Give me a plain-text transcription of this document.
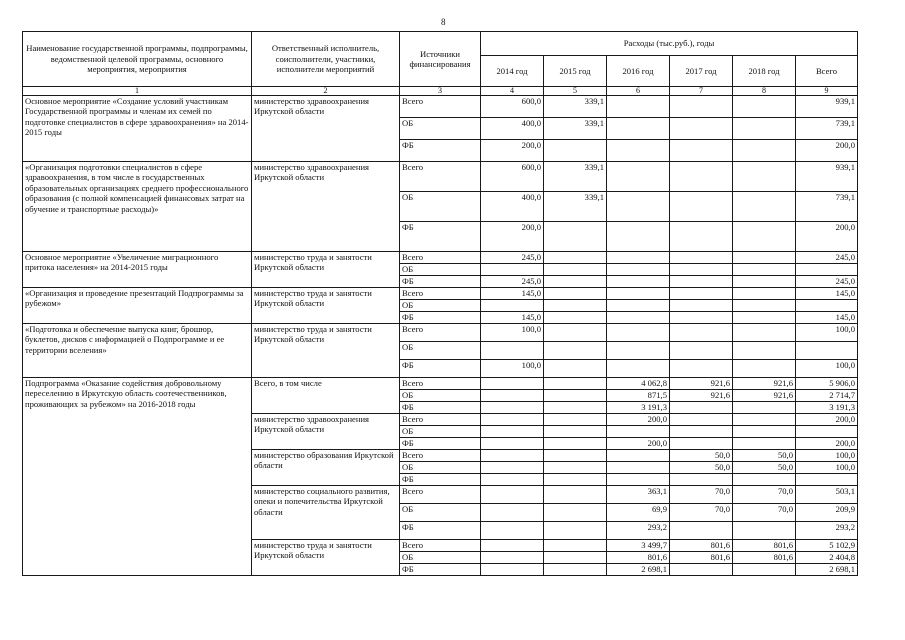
8
Наименование государственной программы, подпрограммы, ведомственной целевой программы, основного мероприятия, мероприятия	Ответственный исполнитель, соисполнители, участники, исполнители мероприятий	Источники финансирования	Расходы (тыс.руб.), годы					
			2014 год	2015 год	2016 год	2017 год	2018 год	Всего
1	2	3	4	5	6	7	8	9
Основное мероприятие «Создание условий участникам Государственной программы и членам их семей по подготовке специалистов в сфере здравоохранения» на 2014-2015 годы	министерство здравоохранения Иркутской области	Всего	600,0	339,1				939,1
		ОБ	400,0	339,1				739,1
		ФБ	200,0					200,0
«Организация подготовки специалистов в сфере здравоохранения, в том числе в государственных образовательных организациях среднего профессионального образования (с полной компенсацией финансовых затрат на обучение и транспортные расходы)»	министерство здравоохранения Иркутской области	Всего	600,0	339,1				939,1
		ОБ	400,0	339,1				739,1
		ФБ	200,0					200,0
Основное мероприятие «Увеличение миграционного притока населения» на 2014-2015 годы	министерство труда и занятости Иркутской области	Всего	245,0					245,0
		ОБ						
		ФБ	245,0					245,0
«Организация и проведение презентаций Подпрограммы за рубежом»	министерство труда и занятости Иркутской области	Всего	145,0					145,0
		ОБ						
		ФБ	145,0					145,0
«Подготовка и обеспечение выпуска книг, брошюр, буклетов, дисков с информацией о Подпрограмме и ее территории вселения»	министерство труда и занятости Иркутской области	Всего	100,0					100,0
		ОБ						
		ФБ	100,0					100,0
Подпрограмма «Оказание содействия добровольному переселению в Иркутскую область соотечественников, проживающих за рубежом» на 2016-2018 годы	Всего, в том числе	Всего			4 062,8	921,6	921,6	5 906,0
		ОБ			871,5	921,6	921,6	2 714,7
		ФБ			3 191,3			3 191,3
	министерство здравоохранения Иркутской области	Всего			200,0			200,0
		ОБ						
		ФБ			200,0			200,0
	министерство образования Иркутской области	Всего				50,0	50,0	100,0
		ОБ				50,0	50,0	100,0
		ФБ						
	министерство социального развития, опеки и попечительства Иркутской области	Всего			363,1	70,0	70,0	503,1
		ОБ			69,9	70,0	70,0	209,9
		ФБ			293,2			293,2
	министерство труда и занятости Иркутской области	Всего			3 499,7	801,6	801,6	5 102,9
		ОБ			801,6	801,6	801,6	2 404,8
		ФБ			2 698,1			2 698,1
